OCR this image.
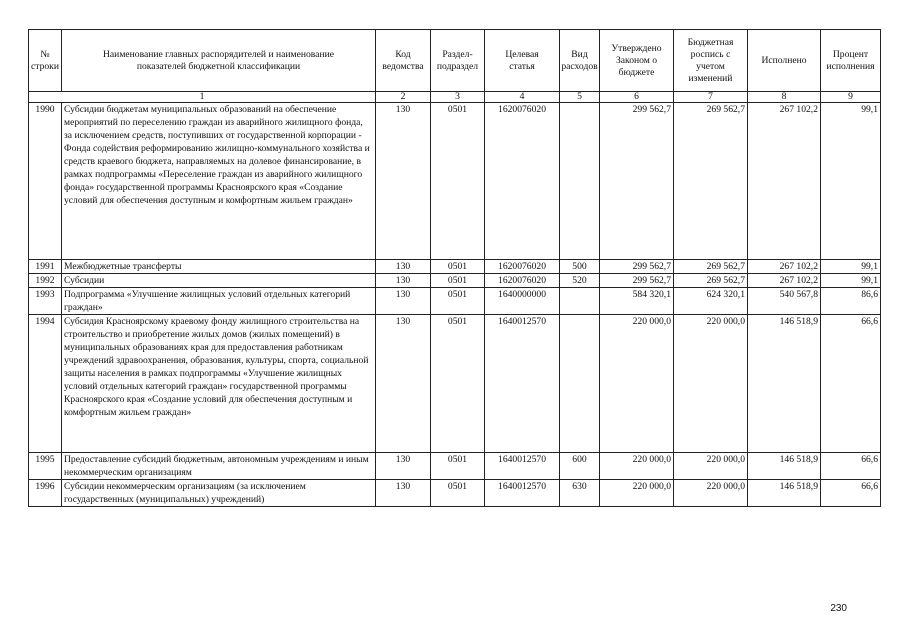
№ строки	Наименование главных распорядителей и наименование показателей бюджетной классификации	Код ведомства	Раздел-подраздел	Целевая статья	Вид расходов	Утверждено Законом о бюджете	Бюджетная роспись с учетом изменений	Исполнено	Процент исполнения
1		2	3	4	5	6	7	8	9
1990	Субсидии бюджетам муниципальных образований на обеспечение мероприятий по переселению граждан из аварийного жилищного фонда, за исключением средств, поступивших от государственной корпорации - Фонда содействия реформированию жилищно-коммунального хозяйства и средств краевого бюджета, направляемых на долевое финансирование, в рамках подпрограммы «Переселение граждан из аварийного жилищного фонда» государственной программы Красноярского края «Создание условий для обеспечения доступным и комфортным жильем граждан»	130	0501	1620076020		299 562,7	269 562,7	267 102,2	99,1
1991	Межбюджетные трансферты	130	0501	1620076020	500	299 562,7	269 562,7	267 102,2	99,1
1992	Субсидии	130	0501	1620076020	520	299 562,7	269 562,7	267 102,2	99,1
1993	Подпрограмма «Улучшение жилищных условий отдельных категорий граждан»	130	0501	1640000000		584 320,1	624 320,1	540 567,8	86,6
1994	Субсидия Красноярскому краевому фонду жилищного строительства на строительство и приобретение жилых домов (жилых помещений) в муниципальных образованиях края для предоставления работникам учреждений здравоохранения, образования, культуры, спорта, социальной защиты населения в рамках подпрограммы «Улучшение жилищных условий отдельных категорий граждан» государственной программы Красноярского края «Создание условий для обеспечения доступным и комфортным жильем граждан»	130	0501	1640012570		220 000,0	220 000,0	146 518,9	66,6
1995	Предоставление субсидий бюджетным, автономным учреждениям и иным некоммерческим организациям	130	0501	1640012570	600	220 000,0	220 000,0	146 518,9	66,6
1996	Субсидии некоммерческим организациям (за исключением государственных (муниципальных) учреждений)	130	0501	1640012570	630	220 000,0	220 000,0	146 518,9	66,6
230
